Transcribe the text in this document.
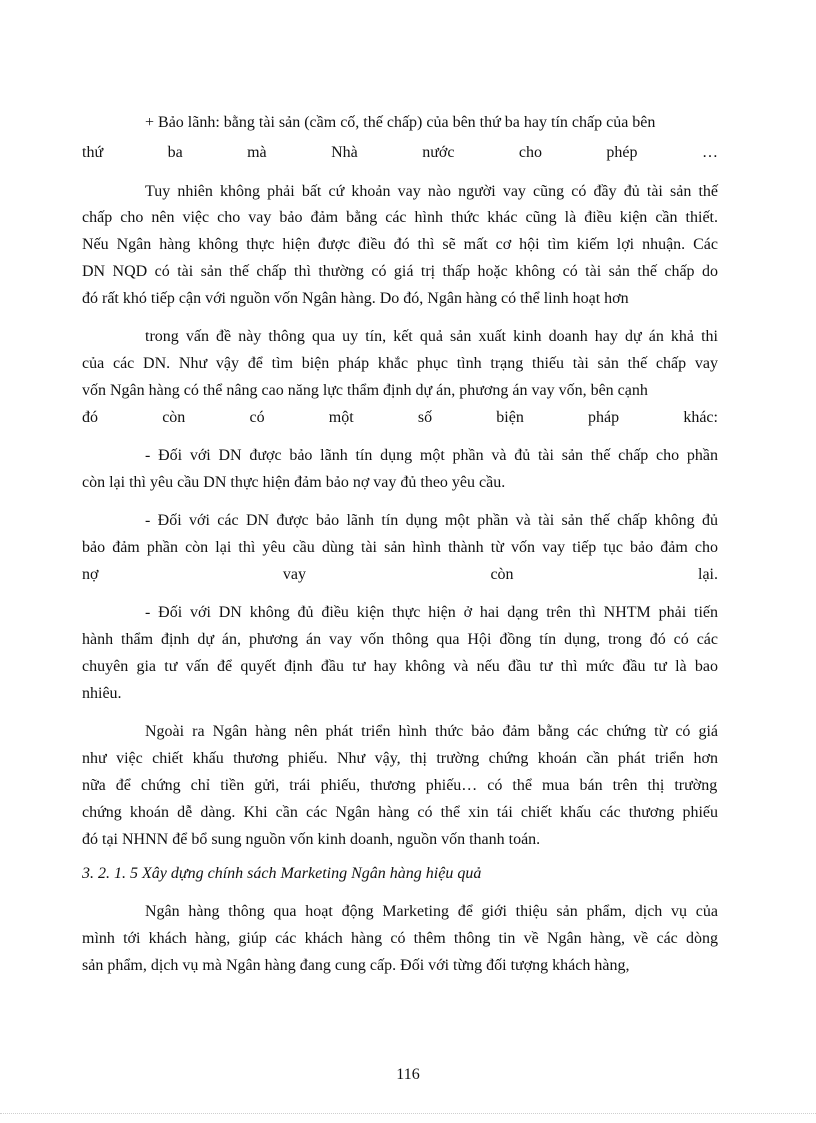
+ Bảo lãnh: bằng tài sản (cầm cố, thế chấp) của bên thứ ba hay tín chấp của bên
thứ	ba	mà	Nhà	nước	cho	phép	…
Tuy nhiên không phải bất cứ khoản vay nào người vay cũng có đầy đủ tài sản thế
chấp cho nên việc cho vay bảo đảm bằng các hình thức khác cũng là điều kiện cần thiết.
Nếu Ngân hàng không thực hiện được điều đó thì sẽ mất cơ hội tìm kiếm lợi nhuận. Các
DN NQD có tài sản thế chấp thì thường có giá trị thấp hoặc không có tài sản thế chấp do
đó rất khó tiếp cận với nguồn vốn Ngân hàng. Do đó, Ngân hàng có thể linh hoạt hơn
trong vấn đề này thông qua uy tín, kết quả sản xuất kinh doanh hay dự án khả thi
của các DN. Như vậy để tìm biện pháp khắc phục tình trạng thiếu tài sản thế chấp vay
vốn Ngân hàng có thể nâng cao năng lực thẩm định dự án, phương án vay vốn, bên cạnh
đó	còn	có	một	số	biện	pháp	khác:
- Đối với DN được bảo lãnh tín dụng một phần và đủ tài sản thế chấp cho phần
còn lại thì yêu cầu DN thực hiện đảm bảo nợ vay đủ theo yêu cầu.
- Đối với các DN được bảo lãnh tín dụng một phần và tài sản thế chấp không đủ
bảo đảm phần còn lại thì yêu cầu dùng tài sản hình thành từ vốn vay tiếp tục bảo đảm cho
nợ	vay	còn	lại.
- Đối với DN không đủ điều kiện thực hiện ở hai dạng trên thì NHTM phải tiến
hành thẩm định dự án, phương án vay vốn thông qua Hội đồng tín dụng, trong đó có các
chuyên gia tư vấn để quyết định đầu tư hay không và nếu đầu tư thì mức đầu tư là bao
nhiêu.
Ngoài ra Ngân hàng nên phát triển hình thức bảo đảm bằng các chứng từ có giá
như việc chiết khấu thương phiếu. Như vậy, thị trường chứng khoán cần phát triển hơn
nữa để chứng chỉ tiền gửi, trái phiếu, thương phiếu… có thể mua bán trên thị trường
chứng khoán dễ dàng. Khi cần các Ngân hàng có thể xin tái chiết khấu các thương phiếu
đó tại NHNN để bổ sung nguồn vốn kinh doanh, nguồn vốn thanh toán.
3. 2. 1. 5 Xây dựng chính sách Marketing Ngân hàng hiệu quả
Ngân hàng thông qua hoạt động Marketing để giới thiệu sản phẩm, dịch vụ của
mình tới khách hàng, giúp các khách hàng có thêm thông tin về Ngân hàng, về các dòng
sản phẩm, dịch vụ mà Ngân hàng đang cung cấp. Đối với từng đối tượng khách hàng,
116
